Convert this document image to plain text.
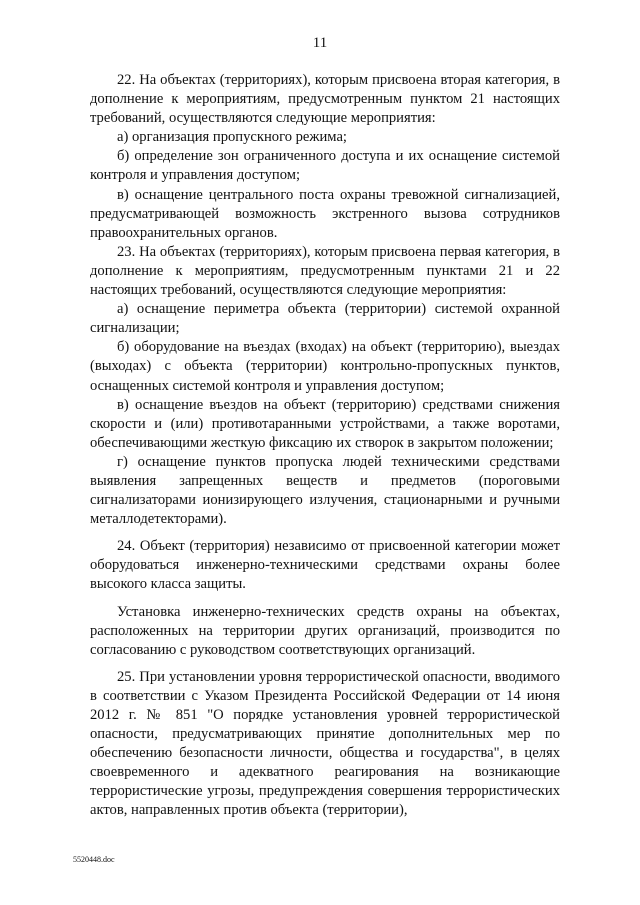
11

22. На объектах (территориях), которым присвоена вторая категория, в дополнение к мероприятиям, предусмотренным пунктом 21 настоящих требований, осуществляются следующие мероприятия:

а) организация пропускного режима;

б) определение зон ограниченного доступа и их оснащение системой контроля и управления доступом;

в) оснащение центрального поста охраны тревожной сигнализацией, предусматривающей возможность экстренного вызова сотрудников правоохранительных органов.

23. На объектах (территориях), которым присвоена первая категория, в дополнение к мероприятиям, предусмотренным пунктами 21 и 22 настоящих требований, осуществляются следующие мероприятия:

а) оснащение периметра объекта (территории) системой охранной сигнализации;

б) оборудование на въездах (входах) на объект (территорию), выездах (выходах) с объекта (территории) контрольно-пропускных пунктов, оснащенных системой контроля и управления доступом;

в) оснащение въездов на объект (территорию) средствами снижения скорости и (или) противотаранными устройствами, а также воротами, обеспечивающими жесткую фиксацию их створок в закрытом положении;

г) оснащение пунктов пропуска людей техническими средствами выявления запрещенных веществ и предметов (пороговыми сигнализаторами ионизирующего излучения, стационарными и ручными металлодетекторами).

24. Объект (территория) независимо от присвоенной категории может оборудоваться инженерно-техническими средствами охраны более высокого класса защиты.

Установка инженерно-технических средств охраны на объектах, расположенных на территории других организаций, производится по согласованию с руководством соответствующих организаций.

25. При установлении уровня террористической опасности, вводимого в соответствии с Указом Президента Российской Федерации от 14 июня 2012 г. № 851 "О порядке установления уровней террористической опасности, предусматривающих принятие дополнительных мер по обеспечению безопасности личности, общества и государства", в целях своевременного и адекватного реагирования на возникающие террористические угрозы, предупреждения совершения террористических актов, направленных против объекта (территории),

5520448.doc
